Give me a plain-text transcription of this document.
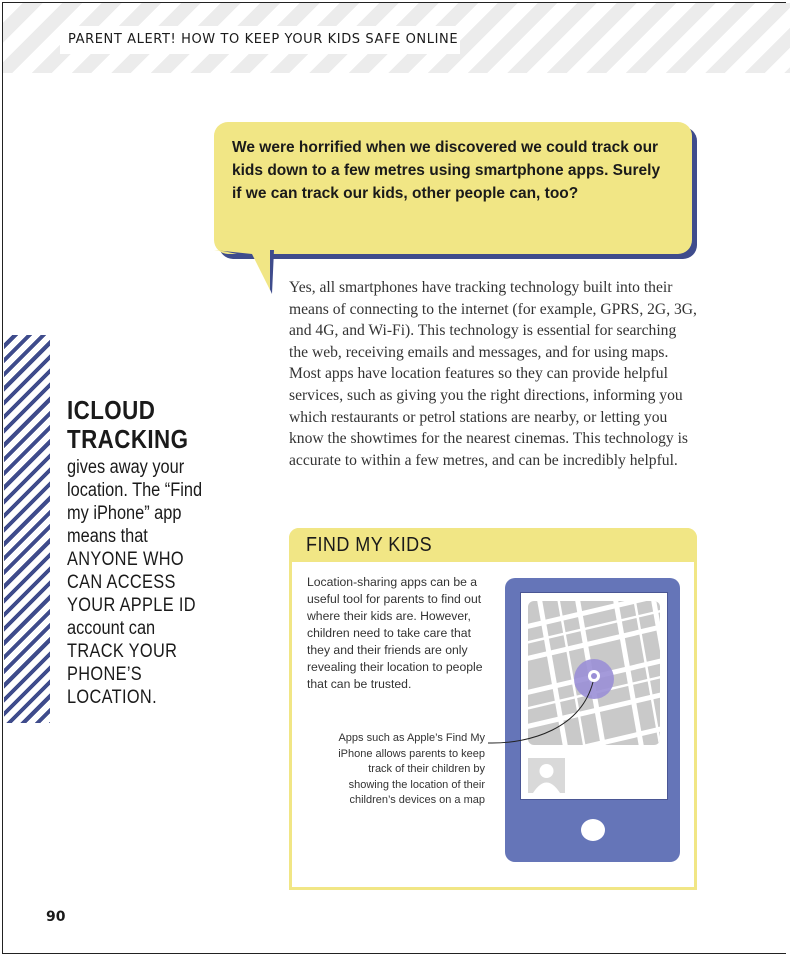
PARENT ALERT! HOW TO KEEP YOUR KIDS SAFE ONLINE

We were horrified when we discovered we could track our kids down to a few metres using smartphone apps. Surely if we can track our kids, other people can, too?

Yes, all smartphones have tracking technology built into their means of connecting to the internet (for example, GPRS, 2G, 3G, and 4G, and Wi-Fi). This technology is essential for searching the web, receiving emails and messages, and for using maps. Most apps have location features so they can provide helpful services, such as giving you the right directions, informing you which restaurants or petrol stations are nearby, or letting you know the showtimes for the nearest cinemas. This technology is accurate to within a few metres, and can be incredibly helpful.

ICLOUD TRACKING
gives away your location. The “Find my iPhone” app means that ANYONE WHO CAN ACCESS YOUR APPLE ID account can TRACK YOUR PHONE’S LOCATION.
FIND MY KIDS

Location-sharing apps can be a useful tool for parents to find out where their kids are. However, children need to take care that they and their friends are only revealing their location to people that can be trusted.

Apps such as Apple’s Find My iPhone allows parents to keep track of their children by showing the location of their children’s devices on a map

90
